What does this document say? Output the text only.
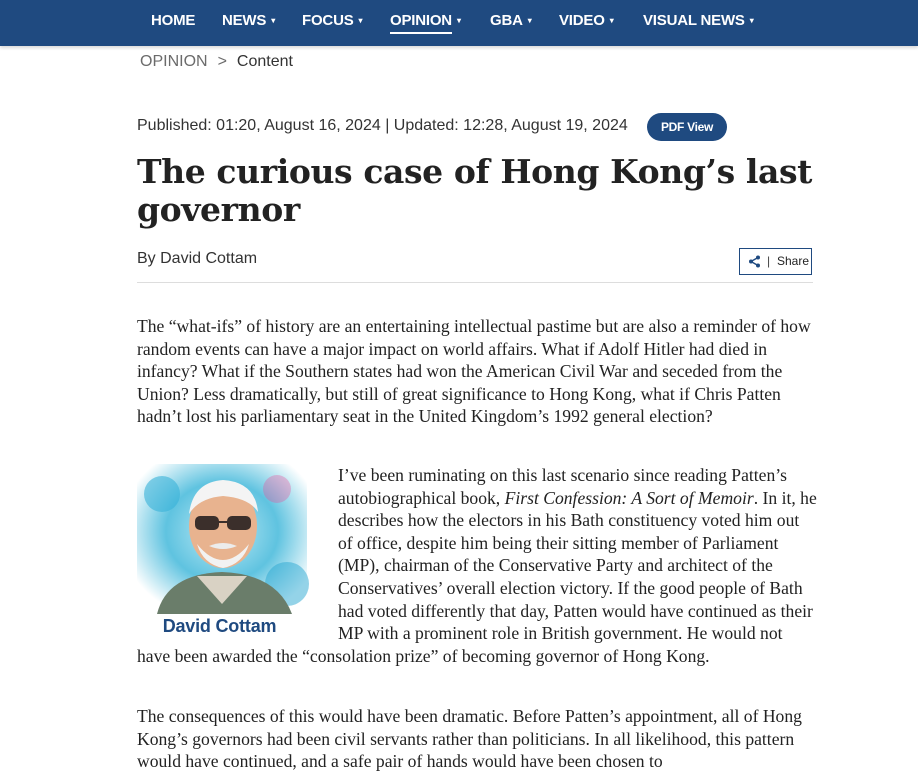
HOME NEWS ▾ FOCUS ▾ OPINION ▾ GBA ▾ VIDEO ▾ VISUAL NEWS ▾
OPINION > Content
Published: 01:20, August 16, 2024 | Updated: 12:28, August 19, 2024	PDF View
The curious case of Hong Kong’s last governor
By David Cottam	| Share

The “what-ifs” of history are an entertaining intellectual pastime but are also a reminder of how random events can have a major impact on world affairs. What if Adolf Hitler had died in infancy? What if the Southern states had won the American Civil War and seceded from the Union? Less dramatically, but still of great significance to Hong Kong, what if Chris Patten hadn’t lost his parliamentary seat in the United Kingdom’s 1992 general election?

David Cottam
I’ve been ruminating on this last scenario since reading Patten’s autobiographical book, First Confession: A Sort of Memoir. In it, he describes how the electors in his Bath constituency voted him out of office, despite him being their sitting member of Parliament (MP), chairman of the Conservative Party and architect of the Conservatives’ overall election victory. If the good people of Bath had voted differently that day, Patten would have continued as their MP with a prominent role in British government. He would not have been awarded the “consolation prize” of becoming governor of Hong Kong.

The consequences of this would have been dramatic. Before Patten’s appointment, all of Hong Kong’s governors had been civil servants rather than politicians. In all likelihood, this pattern would have continued, and a safe pair of hands would have been chosen to
